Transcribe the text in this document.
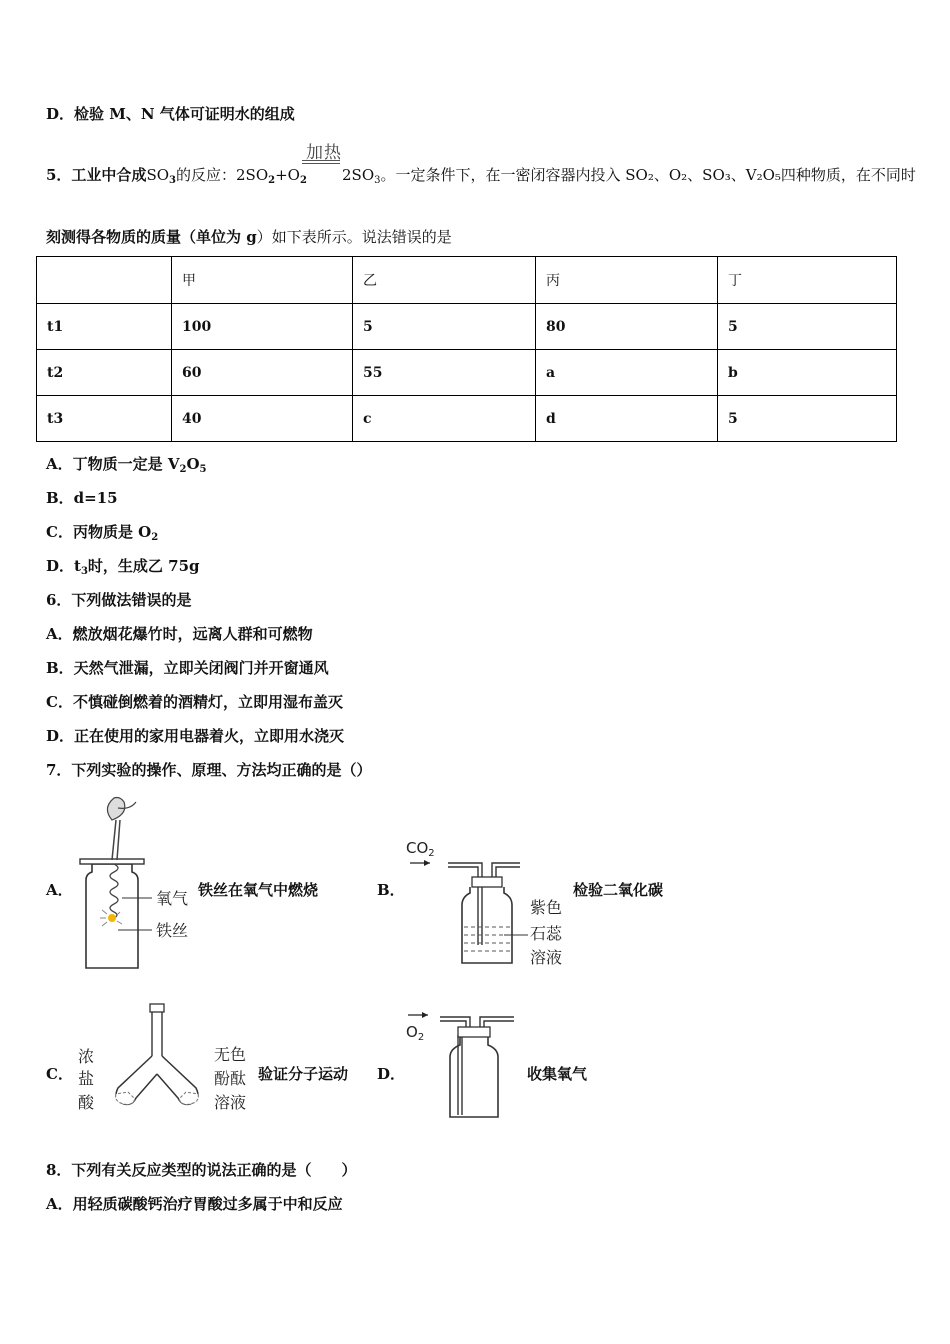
D．检验 M、N 气体可证明水的组成
加热
5．工业中合成$SO_3$的反应：$2SO_2+O_2$ $2SO_3$。一定条件下，在一密闭容器内投入 SO₂、O₂、SO₃、V₂O₅四种物质，在不同时
刻测得各物质的质量（单位为 g）如下表所示。说法错误的是
	甲	乙	丙	丁
t1	100	5	80	5
t2	60	55	a	b
t3	40	c	d	5
A．丁物质一定是 $V_2O_5$
B．d=15
C．丙物质是 $O_2$
D．$t_3$时，生成乙 75g
6．下列做法错误的是
A．燃放烟花爆竹时，远离人群和可燃物
B．天然气泄漏，立即关闭阀门并开窗通风
C．不慎碰倒燃着的酒精灯，立即用湿布盖灭
D．正在使用的家用电器着火，立即用水浇灭
7．下列实验的操作、原理、方法均正确的是（）
A．	氧气
铁丝
铁丝在氧气中燃烧	B．
$CO_2$
紫色
石蕊
溶液
检验二氧化碳
C．
浓
盐
酸
无色
酚酞
溶液
验证分子运动 D．
$O_2$
收集氧气
8．下列有关反应类型的说法正确的是（　　）
A．用轻质碳酸钙治疗胃酸过多属于中和反应
